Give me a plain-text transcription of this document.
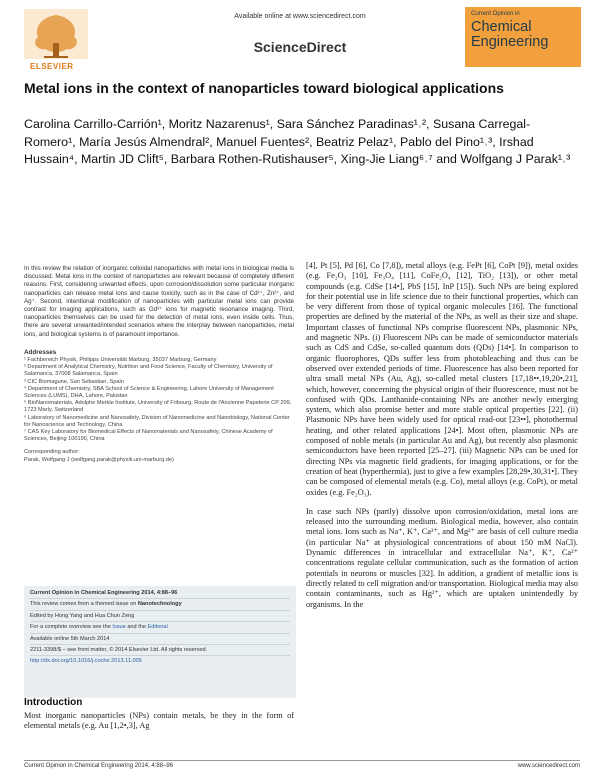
ELSEVIER
Available online at www.sciencedirect.com
ScienceDirect
Current Opinion in
Chemical Engineering
Metal ions in the context of nanoparticles toward biological applications
Carolina Carrillo-Carrión¹, Moritz Nazarenus¹, Sara Sánchez Paradinas¹˒², Susana Carregal-Romero¹, María Jesús Almendral², Manuel Fuentes², Beatriz Pelaz¹, Pablo del Pino¹˒³, Irshad Hussain⁴, Martin JD Clift⁵, Barbara Rothen-Rutishauser⁵, Xing-Jie Liang⁶˒⁷ and Wolfgang J Parak¹˒³

In this review the relation of inorganic colloidal nanoparticles with metal ions in biological media is discussed. Metal ions in the context of nanoparticles are relevant because of completely different reasons. First, considering unwanted effects, upon corrosion/dissolution some particular inorganic nanoparticles can release metal ions and cause toxicity, such as in the case of Cd²⁺, Zn²⁺, and Ag⁺. Second, intentional modification of nanoparticles with particular metal ions can provide contrast for imaging applications, such as Gd³⁺ ions for magnetic resonance imaging. Third, nanoparticles themselves can be used for the detection of metal ions, even inside cells. Thus, there are several unwanted/intended scenarios where the interplay between nanoparticles, metal ions, and biological systems is of paramount importance.

Addresses
¹ Fachbereich Physik, Philipps Universität Marburg, 35037 Marburg, Germany
² Department of Analytical Chemistry, Nutrition and Food Science, Faculty of Chemistry, University of Salamanca, 37008 Salamanca, Spain
³ CIC Biomagune, San Sebastian, Spain
⁴ Department of Chemistry, SBA School of Science & Engineering, Lahore University of Management Sciences (LUMS), DHA, Lahore, Pakistan
⁵ BioNanomaterials, Adolphe Merkle Institute, University of Fribourg, Route de l'Ancienne Papeterie CP 209, 1723 Marly, Switzerland
⁶ Laboratory of Nanomedicine and Nanosafety, Division of Nanomedicine and Nanobiology, National Center for Nanoscience and Technology, China
⁷ CAS Key Laboratory for Biomedical Effects of Nanomaterials and Nanosafety, Chinese Academy of Sciences, Beijing 100190, China
Corresponding author:
Parak, Wolfgang J (wolfgang.parak@physik.uni-marburg.de)
Current Opinion in Chemical Engineering 2014, 4:88–96
This review comes from a themed issue on Nanotechnology
Edited by Hong Yang and Hua Chun Zeng
For a complete overview see the Issue and the Editorial
Available online 5th March 2014
2211-3398/$ – see front matter, © 2014 Elsevier Ltd. All rights reserved.
http://dx.doi.org/10.1016/j.coche.2013.11.005
Introduction

Most inorganic nanoparticles (NPs) contain metals, be they in the form of elemental metals (e.g. Au [1,2•,3], Ag

[4], Pt [5], Pd [6], Co [7,8]), metal alloys (e.g. FePt [6], CoPt [9]), metal oxides (e.g. Fe₂O₃ [10], Fe₃O₄ [11], CoFe₂O₄ [12], TiO₂ [13]), or other metal compounds (e.g. CdSe [14•], PbS [15], InP [15]). Such NPs are being explored for their potential use in life science due to their functional properties, which can be very different from those of typical organic molecules [16]. The functional properties are defined by the material of the NPs, as well as their size and shape. Important classes of functional NPs comprise fluorescent NPs, plasmonic NPs, and magnetic NPs. (i) Fluorescent NPs can be made of semiconductor materials such as CdS and CdSe, so-called quantum dots (QDs) [14•]. In comparison to organic fluorophores, QDs suffer less from photobleaching and thus can be observed over extended periods of time. Fluorescence has also been reported for ultra small metal NPs (Au, Ag), so-called metal clusters [17,18••,19,20•,21], which, however, concerning the physical origin of their fluorescence, must not be confused with QDs. Lanthanide-containing NPs are another newly emerging system, which also promise better and more stable optical properties [22]. (ii) Plasmonic NPs have been widely used for optical read-out [23••], photothermal heating, and other related applications [24•]. Most often, plasmonic NPs are composed of noble metals (in particular Au and Ag), but recently also plasmonic semiconductors have been reported [25–27]. (iii) Magnetic NPs can be used for directing NPs via magnetic field gradients, for imaging applications, or for the creation of heat (hyperthermia), just to give a few examples [28,29•,30,31•]. They can be composed of elemental metals (e.g. Co), metal alloys (e.g. CoPt), or metal oxides (e.g. Fe₂O₃).

In case such NPs (partly) dissolve upon corrosion/oxidation, metal ions are released into the surrounding medium. Biological media, however, also contain metal ions. Ions such as Na⁺, K⁺, Ca²⁺, and Mg²⁺ are basis of cell culture media (in particular Na⁺ at physiological concentrations of about 150 mM NaCl). Dynamic differences in intracellular and extracellular Na⁺, K⁺, Ca²⁺ concentrations regulate cellular communication, such as the formation of action potentials in neurons or muscles [32]. In addition, a gradient of metallic ions is directly related to cell migration and/or transportation. Biological media may also contain contaminants, such as Hg²⁺, which are uptaken unintendedly by organisms. In the

Current Opinion in Chemical Engineering 2014, 4:88–96	www.sciencedirect.com
